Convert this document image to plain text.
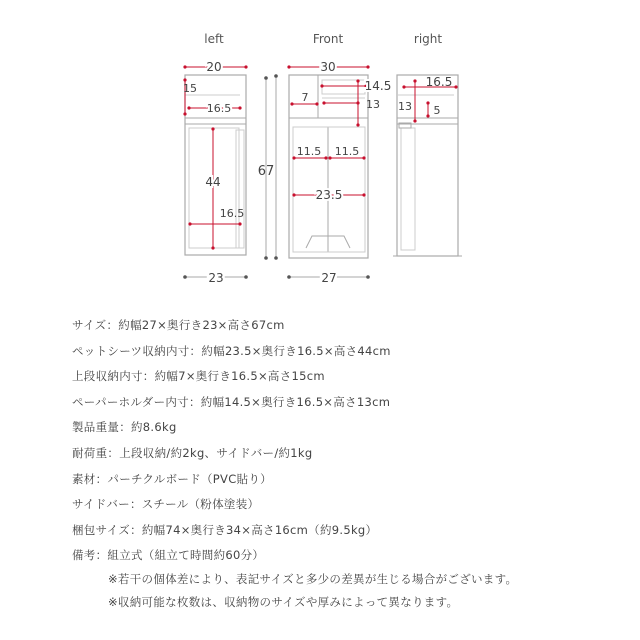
left
20
15
16.5
44
16.5
23
Front
67
30
14.5
7
13
11.5 11.5
23.5
27
right
16.5
13 5
サイズ：約幅27×奥行き23×高さ67cm
ペットシーツ収納内寸：約幅23.5×奥行き16.5×高さ44cm
上段収納内寸：約幅7×奥行き16.5×高さ15cm
ペーパーホルダー内寸：約幅14.5×奥行き16.5×高さ13cm
製品重量：約8.6kg
耐荷重：上段収納/約2kg、サイドバー/約1kg
素材：パーチクルボード（PVC貼り）
サイドバー：スチール（粉体塗装）
梱包サイズ：約幅74×奥行き34×高さ16cm（約9.5kg）
備考：組立式（組立て時間約60分）
※若干の個体差により、表記サイズと多少の差異が生じる場合がございます。
※収納可能な枚数は、収納物のサイズや厚みによって異なります。
